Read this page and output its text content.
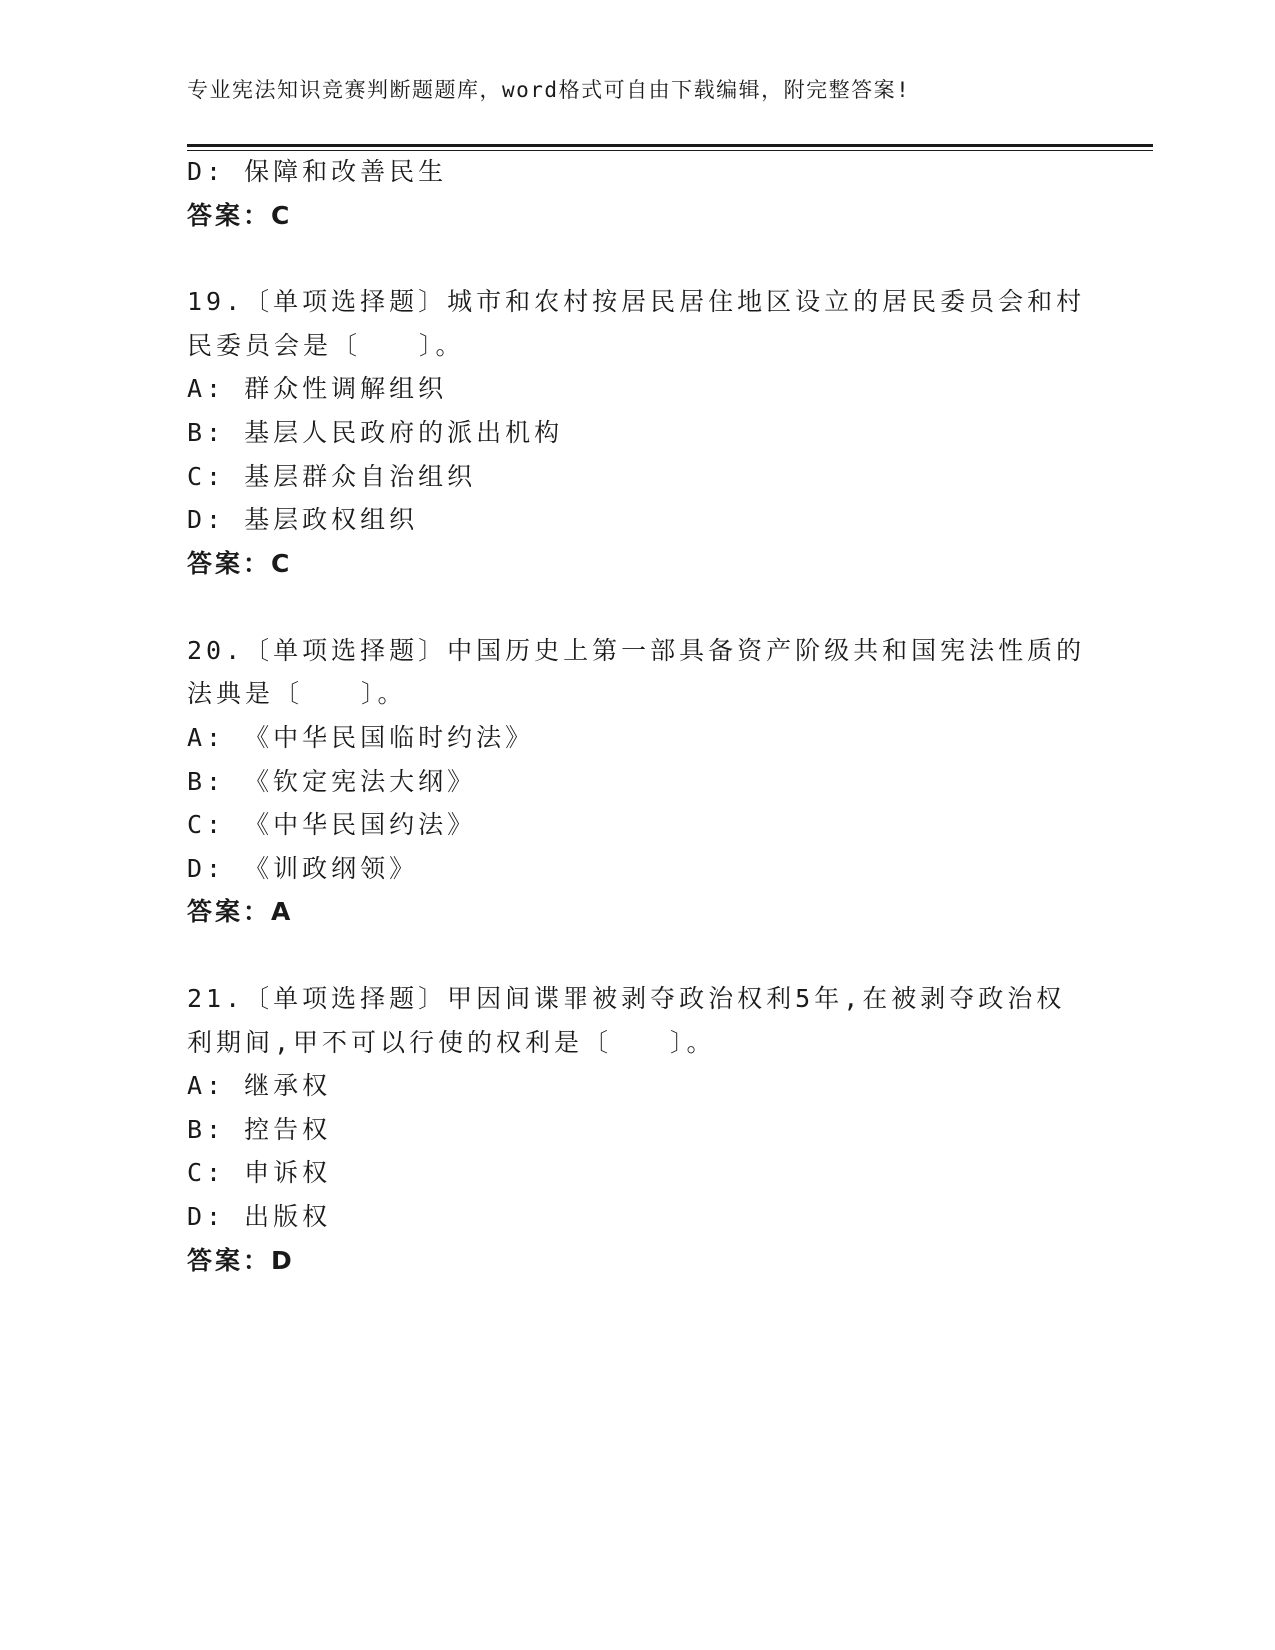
专业宪法知识竞赛判断题题库，word格式可自由下载编辑，附完整答案!
D: 保障和改善民生
答案：C
19.〔单项选择题〕城市和农村按居民居住地区设立的居民委员会和村
民委员会是〔　　〕。
A: 群众性调解组织
B: 基层人民政府的派出机构
C: 基层群众自治组织
D: 基层政权组织
答案：C
20.〔单项选择题〕中国历史上第一部具备资产阶级共和国宪法性质的
法典是〔　　〕。
A: 《中华民国临时约法》
B: 《钦定宪法大纲》
C: 《中华民国约法》
D: 《训政纲领》
答案：A
21.〔单项选择题〕甲因间谍罪被剥夺政治权利5年,在被剥夺政治权
利期间,甲不可以行使的权利是〔　　〕。
A: 继承权
B: 控告权
C: 申诉权
D: 出版权
答案：D
